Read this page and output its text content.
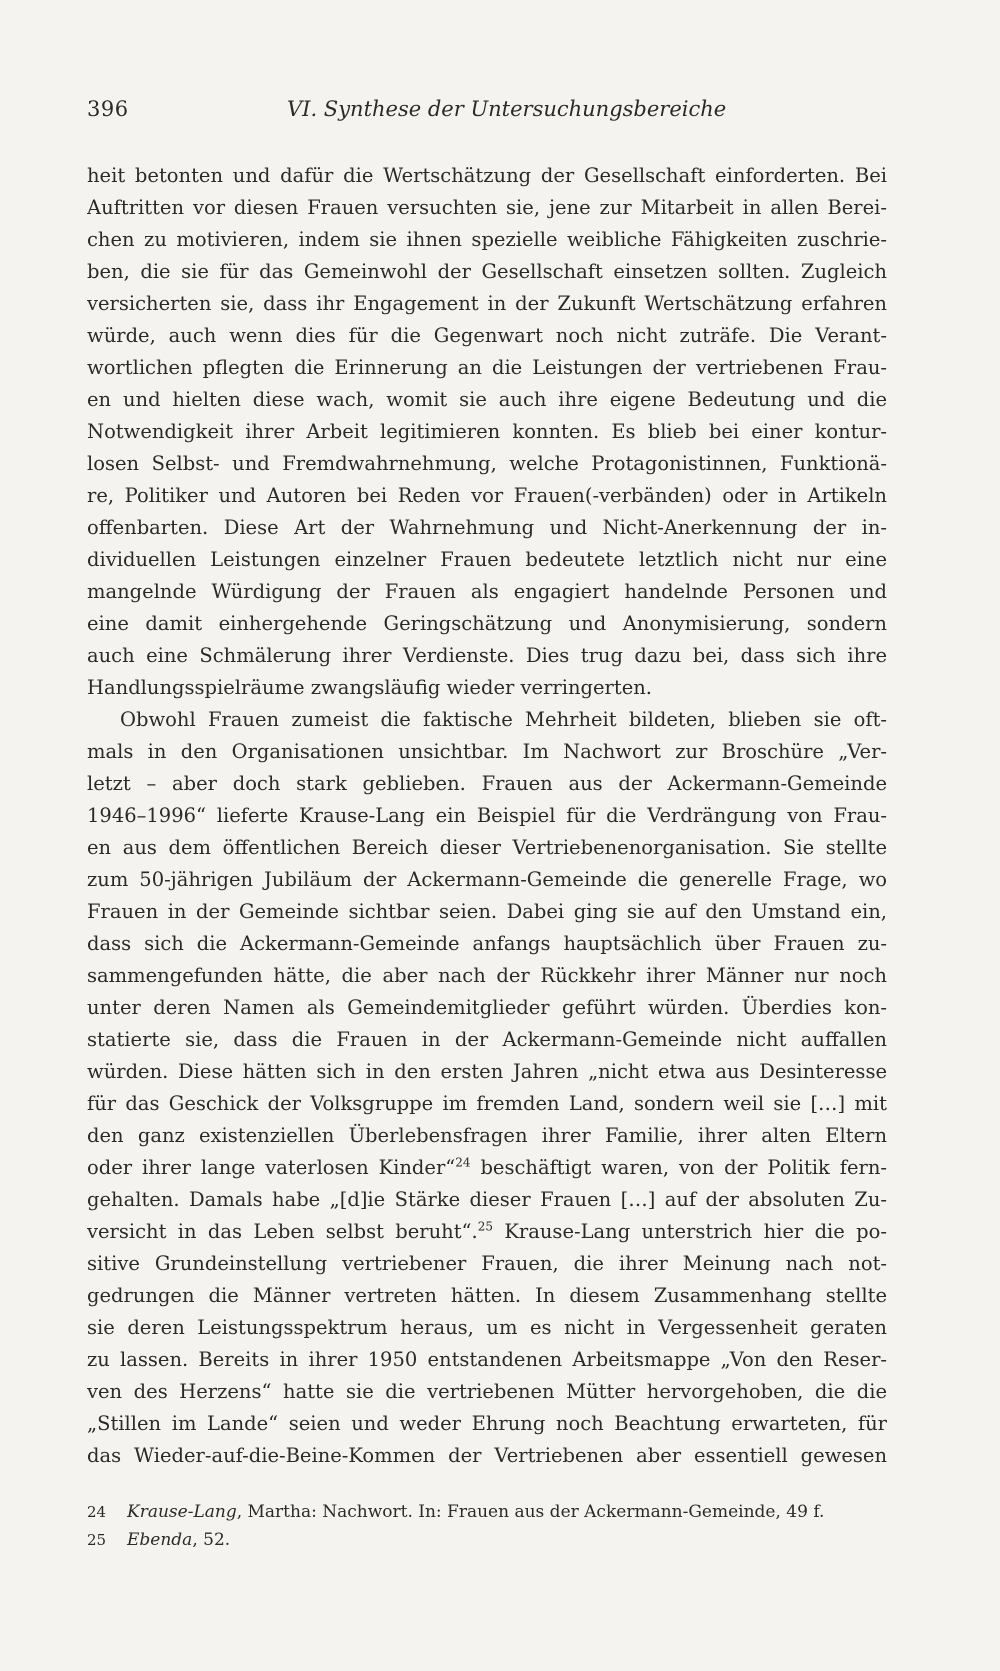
396	VI. Synthese der Untersuchungsbereiche
heit betonten und dafür die Wertschätzung der Gesellschaft einforderten. Bei
Auftritten vor diesen Frauen versuchten sie, jene zur Mitarbeit in allen Berei-
chen zu motivieren, indem sie ihnen spezielle weibliche Fähigkeiten zuschrie-
ben, die sie für das Gemeinwohl der Gesellschaft einsetzen sollten. Zugleich
versicherten sie, dass ihr Engagement in der Zukunft Wertschätzung erfahren
würde, auch wenn dies für die Gegenwart noch nicht zuträfe. Die Verant-
wortlichen pflegten die Erinnerung an die Leistungen der vertriebenen Frau-
en und hielten diese wach, womit sie auch ihre eigene Bedeutung und die
Notwendigkeit ihrer Arbeit legitimieren konnten. Es blieb bei einer kontur-
losen Selbst- und Fremdwahrnehmung, welche Protagonistinnen, Funktionä-
re, Politiker und Autoren bei Reden vor Frauen(-verbänden) oder in Artikeln
offenbarten. Diese Art der Wahrnehmung und Nicht-Anerkennung der in-
dividuellen Leistungen einzelner Frauen bedeutete letztlich nicht nur eine
mangelnde Würdigung der Frauen als engagiert handelnde Personen und
eine damit einhergehende Geringschätzung und Anonymisierung, sondern
auch eine Schmälerung ihrer Verdienste. Dies trug dazu bei, dass sich ihre
Handlungsspielräume zwangsläufig wieder verringerten.
Obwohl Frauen zumeist die faktische Mehrheit bildeten, blieben sie oft-
mals in den Organisationen unsichtbar. Im Nachwort zur Broschüre „Ver-
letzt – aber doch stark geblieben. Frauen aus der Ackermann-Gemeinde
1946–1996“ lieferte Krause-Lang ein Beispiel für die Verdrängung von Frau-
en aus dem öffentlichen Bereich dieser Vertriebenenorganisation. Sie stellte
zum 50-jährigen Jubiläum der Ackermann-Gemeinde die generelle Frage, wo
Frauen in der Gemeinde sichtbar seien. Dabei ging sie auf den Umstand ein,
dass sich die Ackermann-Gemeinde anfangs hauptsächlich über Frauen zu-
sammengefunden hätte, die aber nach der Rückkehr ihrer Männer nur noch
unter deren Namen als Gemeindemitglieder geführt würden. Überdies kon-
statierte sie, dass die Frauen in der Ackermann-Gemeinde nicht auffallen
würden. Diese hätten sich in den ersten Jahren „nicht etwa aus Desinteresse
für das Geschick der Volksgruppe im fremden Land, sondern weil sie […] mit
den ganz existenziellen Überlebensfragen ihrer Familie, ihrer alten Eltern
oder ihrer lange vaterlosen Kinder“$^{24}$ beschäftigt waren, von der Politik fern-
gehalten. Damals habe „[d]ie Stärke dieser Frauen […] auf der absoluten Zu-
versicht in das Leben selbst beruht“.$^{25}$ Krause-Lang unterstrich hier die po-
sitive Grundeinstellung vertriebener Frauen, die ihrer Meinung nach not-
gedrungen die Männer vertreten hätten. In diesem Zusammenhang stellte
sie deren Leistungsspektrum heraus, um es nicht in Vergessenheit geraten
zu lassen. Bereits in ihrer 1950 entstandenen Arbeitsmappe „Von den Reser-
ven des Herzens“ hatte sie die vertriebenen Mütter hervorgehoben, die die
„Stillen im Lande“ seien und weder Ehrung noch Beachtung erwarteten, für
das Wieder-auf-die-Beine-Kommen der Vertriebenen aber essentiell gewesen
24 Krause-Lang, Martha: Nachwort. In: Frauen aus der Ackermann-Gemeinde, 49 f.
25 Ebenda, 52.
